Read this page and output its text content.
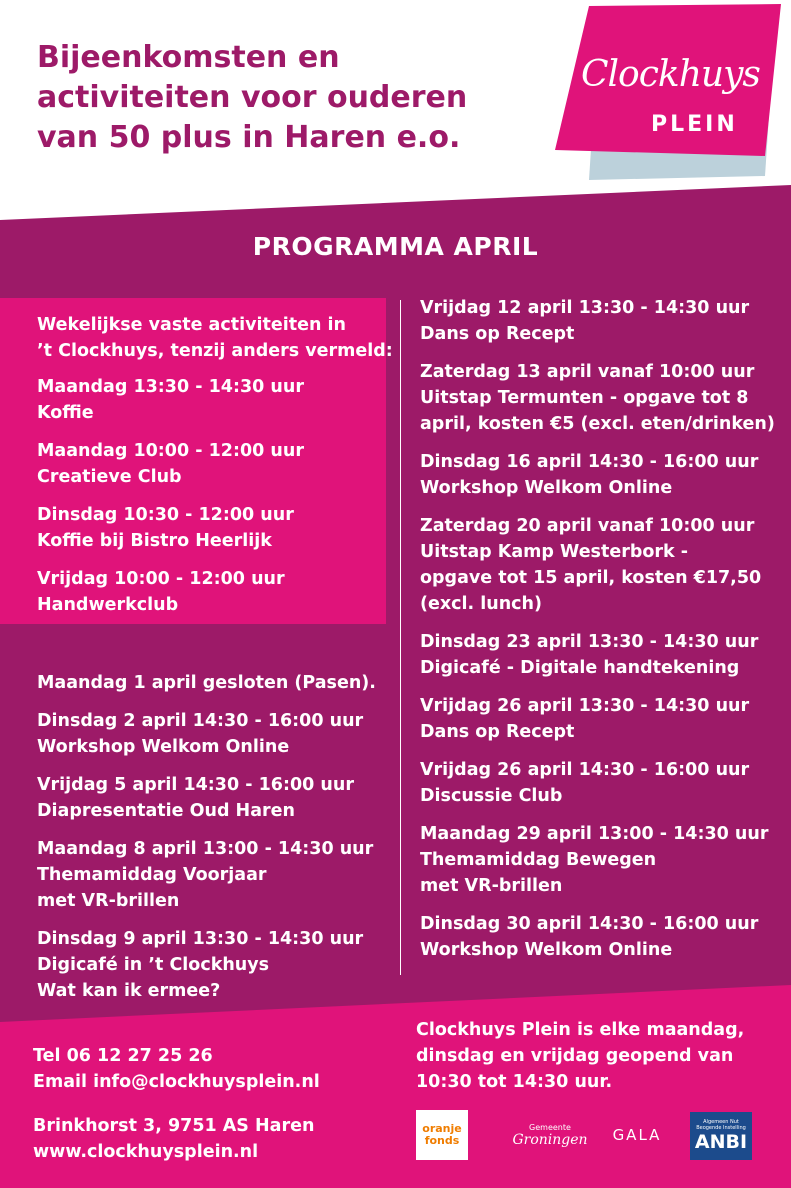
Bijeenkomsten en
activiteiten voor ouderen
van 50 plus in Haren e.o.
Clockhuys
PLEIN
PROGRAMMA APRIL
Wekelijkse vaste activiteiten in
’t Clockhuys, tenzij anders vermeld:
Maandag 13:30 - 14:30 uur
Koffie
Maandag 10:00 - 12:00 uur
Creatieve Club
Dinsdag 10:30 - 12:00 uur
Koffie bij Bistro Heerlijk
Vrijdag 10:00 - 12:00 uur
Handwerkclub
Maandag 1 april gesloten (Pasen).
Dinsdag 2 april 14:30 - 16:00 uur
Workshop Welkom Online
Vrijdag 5 april 14:30 - 16:00 uur
Diapresentatie Oud Haren
Maandag 8 april 13:00 - 14:30 uur
Themamiddag Voorjaar
met VR-brillen
Dinsdag 9 april 13:30 - 14:30 uur
Digicafé in ’t Clockhuys
Wat kan ik ermee?
Vrijdag 12 april 13:30 - 14:30 uur
Dans op Recept
Zaterdag 13 april vanaf 10:00 uur
Uitstap Termunten - opgave tot 8
april, kosten €5 (excl. eten/drinken)
Dinsdag 16 april 14:30 - 16:00 uur
Workshop Welkom Online
Zaterdag 20 april vanaf 10:00 uur
Uitstap Kamp Westerbork -
opgave tot 15 april, kosten €17,50
(excl. lunch)
Dinsdag 23 april 13:30 - 14:30 uur
Digicafé - Digitale handtekening
Vrijdag 26 april 13:30 - 14:30 uur
Dans op Recept
Vrijdag 26 april 14:30 - 16:00 uur
Discussie Club
Maandag 29 april 13:00 - 14:30 uur
Themamiddag Bewegen
met VR-brillen
Dinsdag 30 april 14:30 - 16:00 uur
Workshop Welkom Online
Tel 06 12 27 25 26
Email info@clockhuysplein.nl
Brinkhorst 3, 9751 AS Haren
www.clockhuysplein.nl
Clockhuys Plein is elke maandag,
dinsdag en vrijdag geopend van
10:30 tot 14:30 uur.
oranje
fonds
Gemeente
Groningen GALA
Algemeen Nut Beogende Instelling
ANBI
